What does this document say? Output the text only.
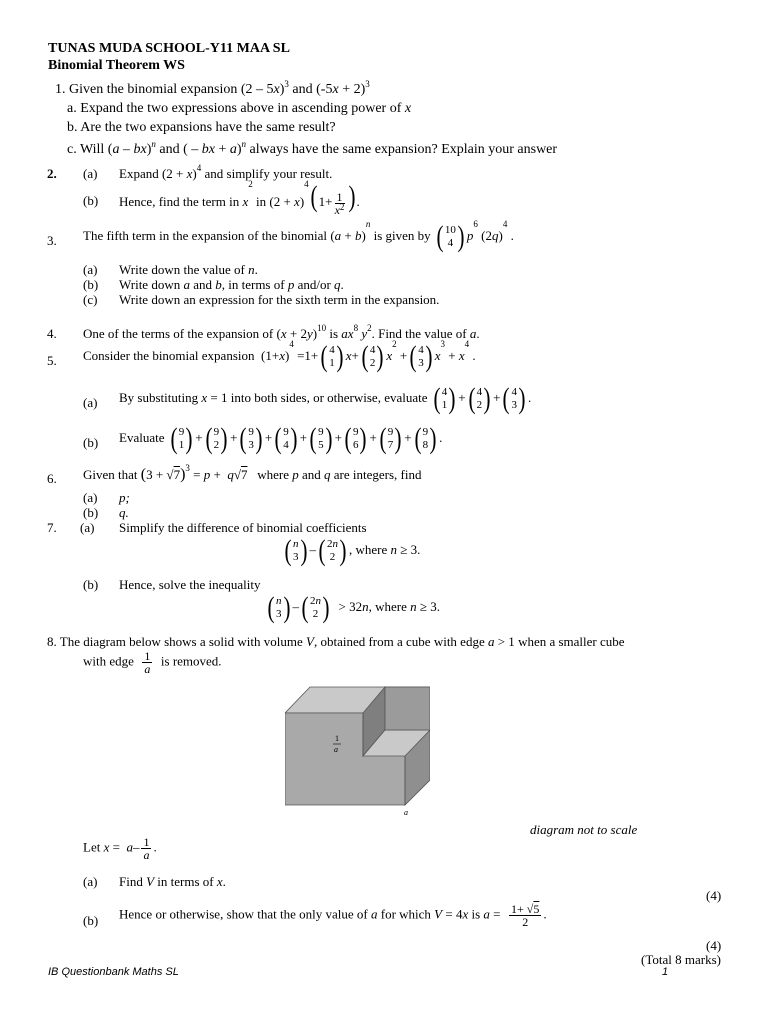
TUNAS MUDA SCHOOL-Y11 MAA SL
Binomial Theorem WS
1. Given the binomial expansion (2 – 5x)$^3$ and $(-5x + 2)^3$
a. Expand the two expressions above in ascending power of x
b. Are the two expansions have the same result?
c. Will (a – bx)$^n$ and ( – bx + a)$^n$ always have the same expansion? Explain your answer
2. (a) Expand $(2 + x)^4$ and simplify your result.
(b) Hence, find the term in $x^2$ in $(2 + x)^4$( $1+ \frac{1}{x^2}$ ) .
3. The fifth term in the expansion of the binomial $(a + b)^n$ is given by ( 10
4 ) $p^6$ $(2q)^4$ .
(a) Write down the value of n.
(b) Write down a and b, in terms of p and/or q.
(c) Write down an expression for the sixth term in the expansion.
4. One of the terms of the expansion of $(x + 2y)^{10}$ is $ax^8$ $y^2$. Find the value of a.
5. Consider the binomial expansion  $(1+x)^4 =1+$ ( 4
1 ) x+ ( 4
2 ) $x^2$ + ( 4
3 ) $x^3 + x^4$ .
(a) By substituting x = 1 into both sides, or otherwise, evaluate ( 4
1 ) + ( 4
2 ) + ( 4
3 ) .
(b) Evaluate ( 9
1 ) + ( 9
2 ) + ( 9
3 ) + ( 9
4 ) + ( 9
5 ) + ( 9
6 ) + ( 9
7 ) + ( 9
8 ) .
6. Given that $(3 + √7)^3 = p + q√7$ where p and q are integers, find
(a) p;
(b) q.
7. (a) Simplify the difference of binomial coefficients
( n
3 ) – ( 2n
2 ) , where n ≥ 3.
(b) Hence, solve the inequality
( n
3 ) – ( 2n
2 ) > 32n, where n ≥ 3.
8. The diagram below shows a solid with volume V, obtained from a cube with edge a > 1 when a smaller cube
with edge $\frac{1}{a}$ is removed.
1
a
a
diagram not to scale
Let $x = a- \frac{1}{a}$ .
(a) Find V in terms of x.
(4)
(b) Hence or otherwise, show that the only value of a for which V = 4x is $a = \frac{1+ √5}{2}$ .
(4)
(Total 8 marks)
IB Questionbank Maths SL	1
